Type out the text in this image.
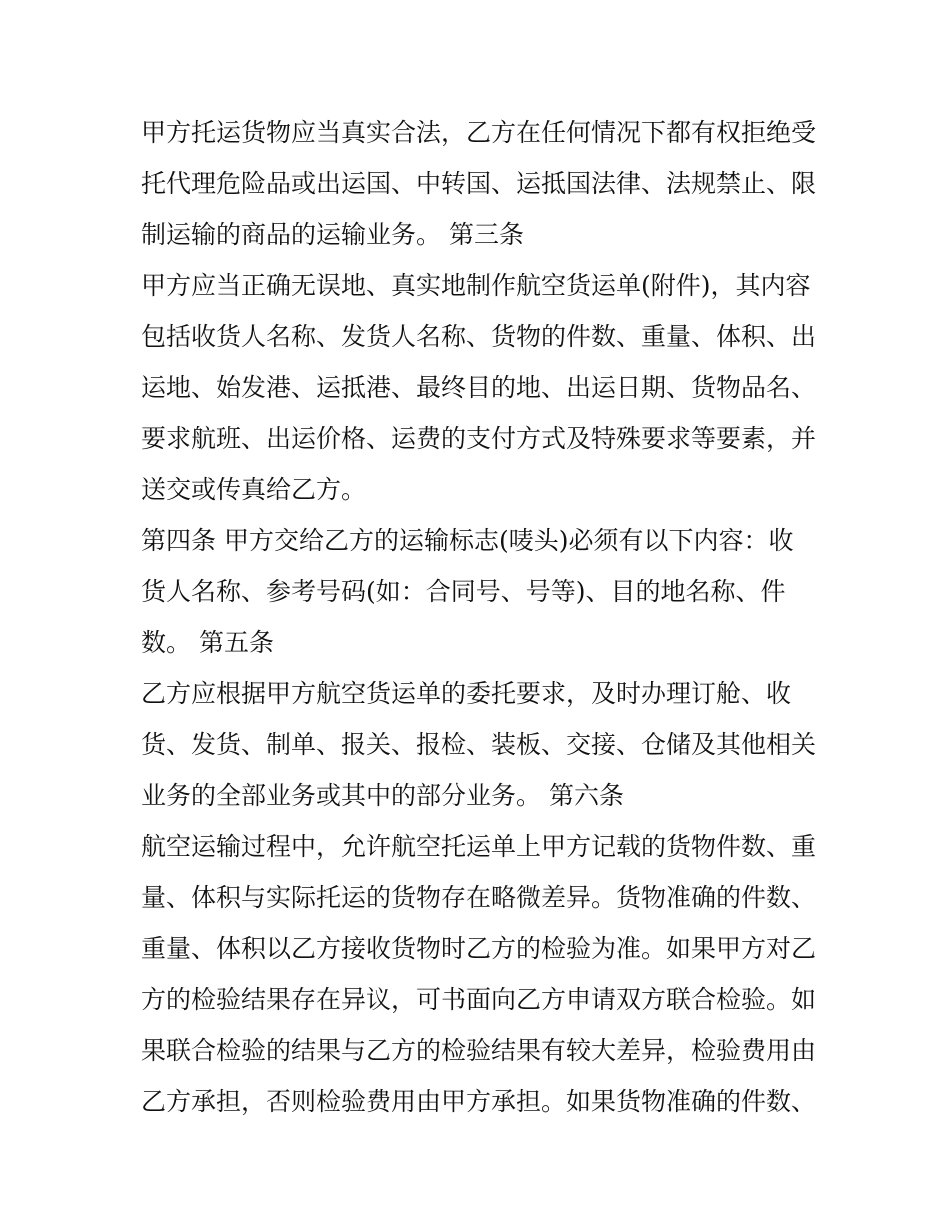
甲方托运货物应当真实合法，乙方在任何情况下都有权拒绝受
托代理危险品或出运国、中转国、运抵国法律、法规禁止、限
制运输的商品的运输业务。 第三条
甲方应当正确无误地、真实地制作航空货运单(附件)，其内容
包括收货人名称、发货人名称、货物的件数、重量、体积、出
运地、始发港、运抵港、最终目的地、出运日期、货物品名、
要求航班、出运价格、运费的支付方式及特殊要求等要素，并
送交或传真给乙方。
第四条 甲方交给乙方的运输标志(唛头)必须有以下内容：收
货人名称、参考号码(如：合同号、号等)、目的地名称、件
数。 第五条
乙方应根据甲方航空货运单的委托要求，及时办理订舱、收
货、发货、制单、报关、报检、装板、交接、仓储及其他相关
业务的全部业务或其中的部分业务。 第六条
航空运输过程中，允许航空托运单上甲方记载的货物件数、重
量、体积与实际托运的货物存在略微差异。货物准确的件数、
重量、体积以乙方接收货物时乙方的检验为准。如果甲方对乙
方的检验结果存在异议，可书面向乙方申请双方联合检验。如
果联合检验的结果与乙方的检验结果有较大差异，检验费用由
乙方承担，否则检验费用由甲方承担。如果货物准确的件数、
